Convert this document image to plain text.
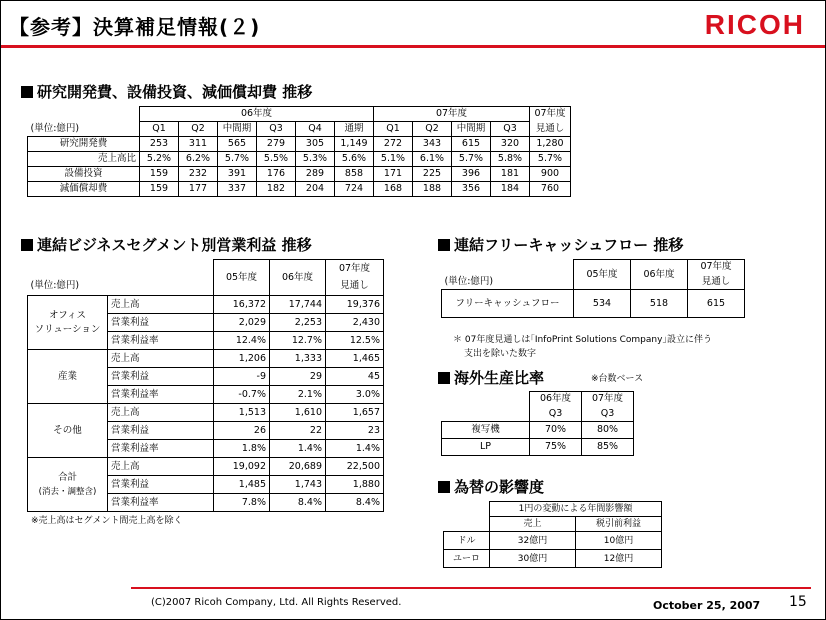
【参考】決算補足情報(２)	RICOH
研究開発費、設備投資、減価償却費 推移
	06年度						07年度				07年度
(単位:億円)	Q1	Q2	中間期	Q3	Q4	通期	Q1	Q2	中間期	Q3	見通し
研究開発費	253	311	565	279	305	1,149	272	343	615	320	1,280
売上高比	5.2%	6.2%	5.7%	5.5%	5.3%	5.6%	5.1%	6.1%	5.7%	5.8%	5.7%
設備投資	159	232	391	176	289	858	171	225	396	181	900
減価償却費	159	177	337	182	204	724	168	188	356	184	760
連結ビジネスセグメント別営業利益 推移
		05年度	06年度	07年度
(単位:億円)				見通し

オフィス
ソリューション	売上高	16,372	17,744	19,376
	営業利益	2,029	2,253	2,430
	営業利益率	12.4%	12.7%	12.5%

産業	売上高	1,206	1,333	1,465
	営業利益	-9	29	45
	営業利益率	-0.7%	2.1%	3.0%

その他	売上高	1,513	1,610	1,657
	営業利益	26	22	23
	営業利益率	1.8%	1.4%	1.4%

合計
(消去・調整含)	売上高	19,092	20,689	22,500
	営業利益	1,485	1,743	1,880
	営業利益率	7.8%	8.4%	8.4%
※売上高はセグメント間売上高を除く
連結フリーキャッシュフロー 推移
	05年度	06年度	07年度
(単位:億円)			見通し
フリーキャッシュフロー	534	518	615
＊ 07年度見通しは｢InfoPrint Solutions Company｣設立に伴う
支出を除いた数字
海外生産比率	※台数ベース
	06年度	07年度
	Q3	Q3
複写機	70%	80%
LP	75%	85%
為替の影響度
	1円の変動による年間影響額	
	売上	税引前利益
ドル	32億円	10億円
ユーロ	30億円	12億円
(C)2007 Ricoh Company, Ltd. All Rights Reserved.	October 25, 2007 15
